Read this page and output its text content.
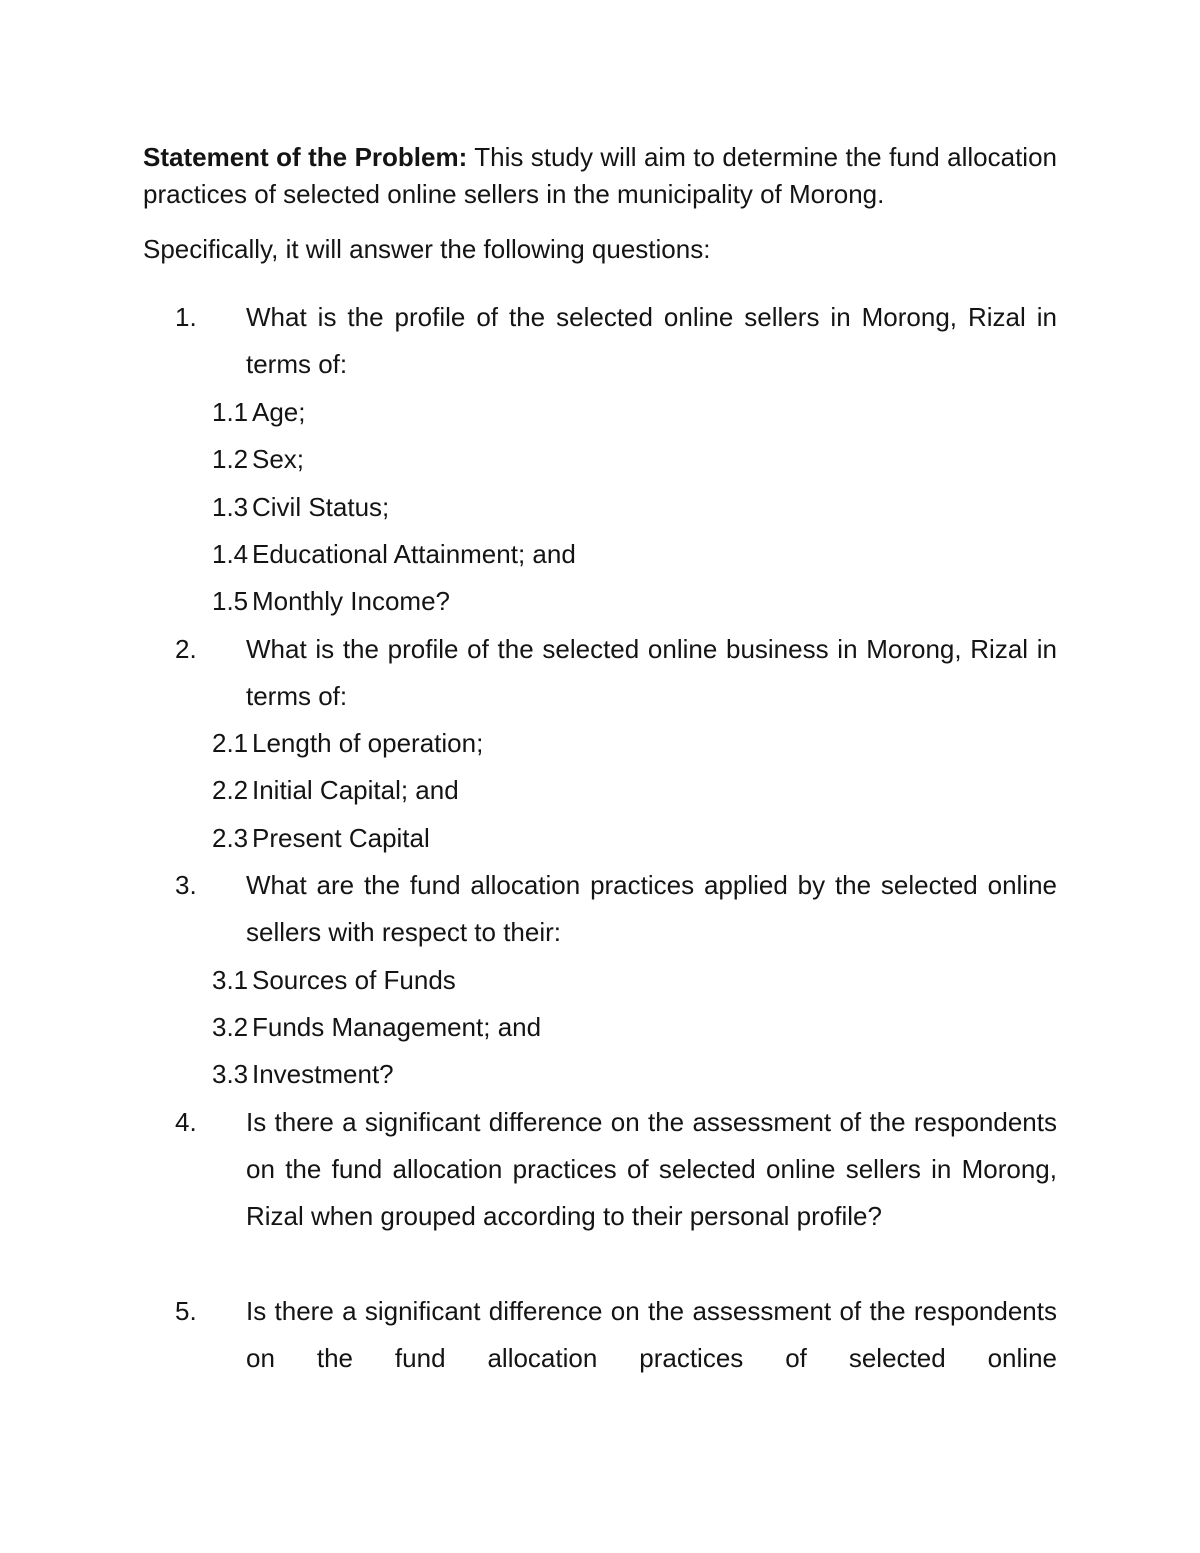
Statement of the Problem: This study will aim to determine the fund allocation practices of selected online sellers in the municipality of Morong.

Specifically, it will answer the following questions:

1. What is the profile of the selected online sellers in Morong, Rizal in terms of:
1.1 Age;
1.2 Sex;
1.3 Civil Status;
1.4 Educational Attainment; and
1.5 Monthly Income?
2. What is the profile of the selected online business in Morong, Rizal in terms of:
2.1 Length of operation;
2.2 Initial Capital; and
2.3 Present Capital
3. What are the fund allocation practices applied by the selected online sellers with respect to their:
3.1 Sources of Funds
3.2 Funds Management; and
3.3 Investment?
4. Is there a significant difference on the assessment of the respondents on the fund allocation practices of selected online sellers in Morong, Rizal when grouped according to their personal profile?
5. Is there a significant difference on the assessment of the respondents on the fund allocation practices of selected online
